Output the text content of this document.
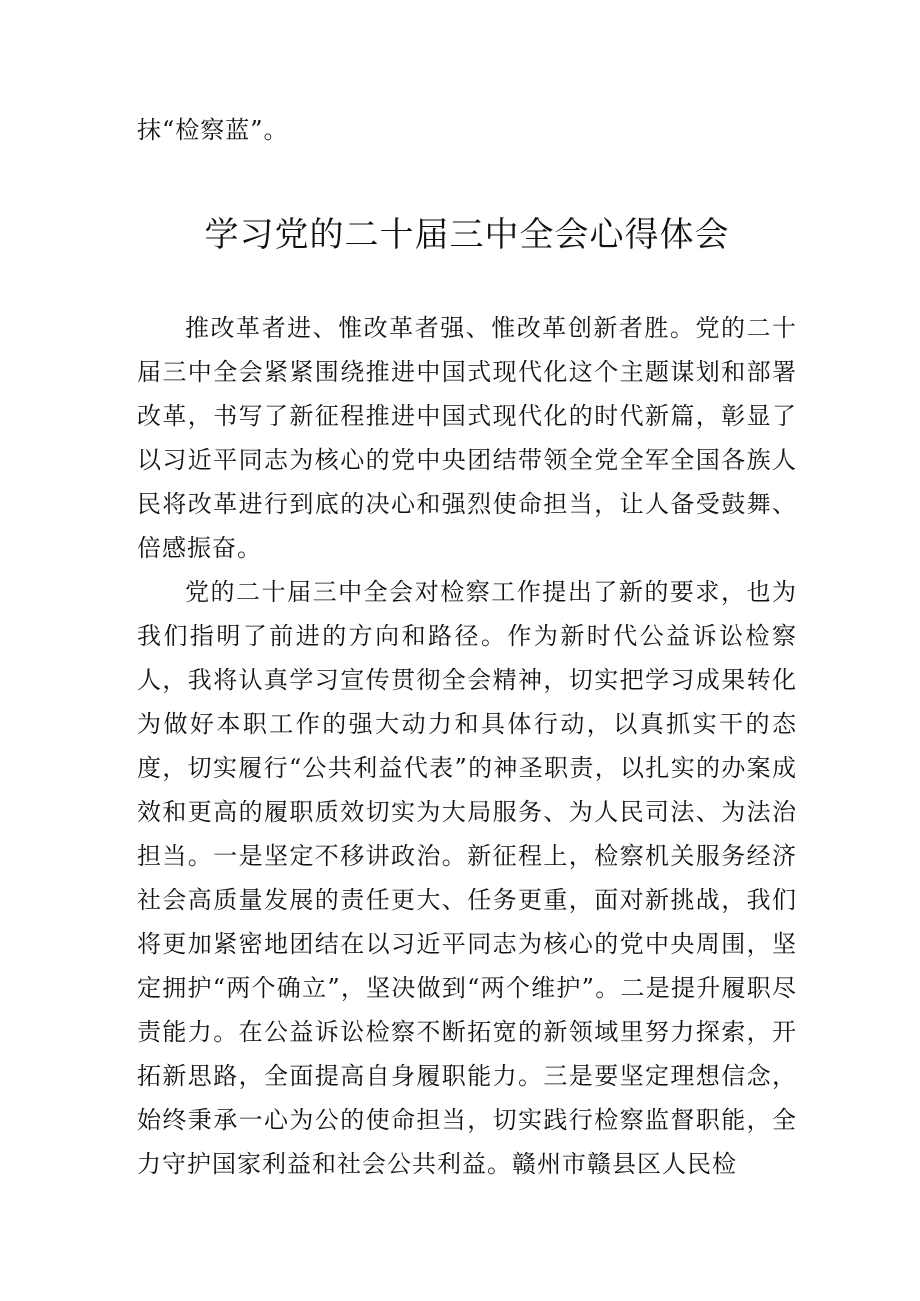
抹“检察蓝”。
学习党的二十届三中全会心得体会

推改革者进、惟改革者强、惟改革创新者胜。党的二十届三中全会紧紧围绕推进中国式现代化这个主题谋划和部署改革，书写了新征程推进中国式现代化的时代新篇，彰显了以习近平同志为核心的党中央团结带领全党全军全国各族人民将改革进行到底的决心和强烈使命担当，让人备受鼓舞、倍感振奋。

党的二十届三中全会对检察工作提出了新的要求，也为我们指明了前进的方向和路径。作为新时代公益诉讼检察人，我将认真学习宣传贯彻全会精神，切实把学习成果转化为做好本职工作的强大动力和具体行动，以真抓实干的态度，切实履行“公共利益代表”的神圣职责，以扎实的办案成效和更高的履职质效切实为大局服务、为人民司法、为法治担当。一是坚定不移讲政治。新征程上，检察机关服务经济社会高质量发展的责任更大、任务更重，面对新挑战，我们将更加紧密地团结在以习近平同志为核心的党中央周围，坚定拥护“两个确立”，坚决做到“两个维护”。二是提升履职尽责能力。在公益诉讼检察不断拓宽的新领域里努力探索，开拓新思路，全面提高自身履职能力。三是要坚定理想信念，始终秉承一心为公的使命担当，切实践行检察监督职能，全力守护国家利益和社会公共利益。赣州市赣县区人民检
